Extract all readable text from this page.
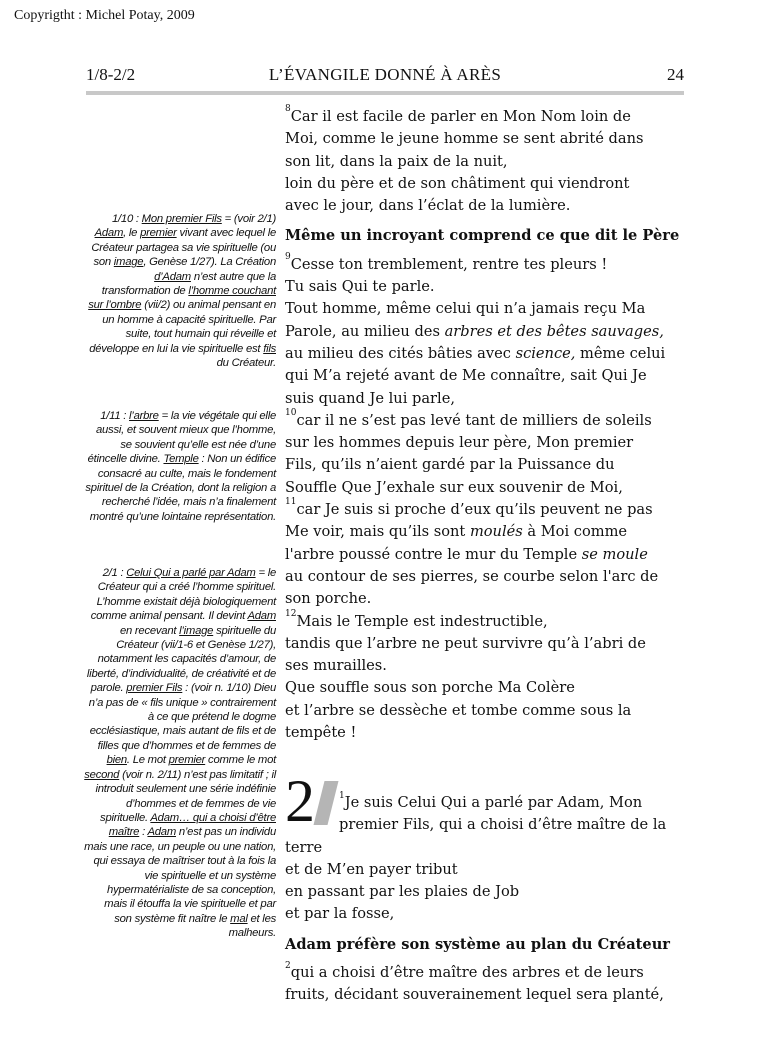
Copyrigtht : Michel Potay, 2009
1/8-2/2	L’ÉVANGILE DONNÉ À ARÈS	24

$^8$Car il est facile de parler en Mon Nom loin de

Moi, comme le jeune homme se sent abrité dans

son lit, dans la paix de la nuit,

loin du père et de son châtiment qui viendront

avec le jour, dans l’éclat de la lumière.

Même un incroyant comprend ce que dit le Père

$^9$Cesse ton tremblement, rentre tes pleurs !

Tu sais Qui te parle.

Tout homme, même celui qui n’a jamais reçu Ma

Parole, au milieu des arbres et des bêtes sauvages,

au milieu des cités bâties avec science, même celui

qui M’a rejeté avant de Me connaître, sait Qui Je

suis quand Je lui parle,

$^{10}$car il ne s’est pas levé tant de milliers de soleils

sur les hommes depuis leur père, Mon premier

Fils, qu’ils n’aient gardé par la Puissance du

Souffle Que J’exhale sur eux souvenir de Moi,

$^{11}$car Je suis si proche d’eux qu’ils peuvent ne pas

Me voir, mais qu’ils sont moulés à Moi comme

l'arbre poussé contre le mur du Temple se moule

au contour de ses pierres, se courbe selon l'arc de

son porche.

$^{12}$Mais le Temple est indestructible,

tandis que l’arbre ne peut survivre qu’à l’abri de

ses murailles.

Que souffle sous son porche Ma Colère

et l’arbre se dessèche et tombe comme sous la

tempête !

2	$^1$Je suis Celui Qui a parlé par Adam, Mon

premier Fils, qui a choisi d’être maître de la terre

et de M’en payer tribut

en passant par les plaies de Job

et par la fosse,

Adam préfère son système au plan du Créateur

$^2$qui a choisi d’être maître des arbres et de leurs

fruits, décidant souverainement lequel sera planté,

1/10 : Mon premier Fils = (voir 2/1) Adam, le premier vivant avec lequel le Créateur partagea sa vie spirituelle (ou son image, Genèse 1/27). La Création d’Adam n’est autre que la transformation de l’homme couchant sur l’ombre (vii/2) ou animal pensant en un homme à capacité spirituelle. Par suite, tout humain qui réveille et développe en lui la vie spirituelle est fils du Créateur.
1/11 : l’arbre = la vie végétale qui elle aussi, et souvent mieux que l’homme, se souvient qu’elle est née d’une étincelle divine. Temple : Non un édifice consacré au culte, mais le fondement spirituel de la Création, dont la religion a recherché l’idée, mais n’a finalement montré qu’une lointaine représentation.
2/1 : Celui Qui a parlé par Adam = le Créateur qui a créé l’homme spirituel. L’homme existait déjà biologiquement comme animal pensant. Il devint Adam en recevant l’image spirituelle du Créateur (vii/1-6 et Genèse 1/27), notamment les capacités d’amour, de liberté, d’individualité, de créativité et de parole. premier Fils : (voir n. 1/10) Dieu n’a pas de « fils unique » contrairement à ce que prétend le dogme ecclésiastique, mais autant de fils et de filles que d’hommes et de femmes de bien. Le mot premier comme le mot second (voir n. 2/11) n’est pas limitatif ; il introduit seulement une série indéfinie d’hommes et de femmes de vie spirituelle. Adam… qui a choisi d’être maître : Adam n’est pas un individu mais une race, un peuple ou une nation, qui essaya de maîtriser tout à la fois la vie spirituelle et un système hypermatérialiste de sa conception, mais il étouffa la vie spirituelle et par son système fit naître le mal et les malheurs.
